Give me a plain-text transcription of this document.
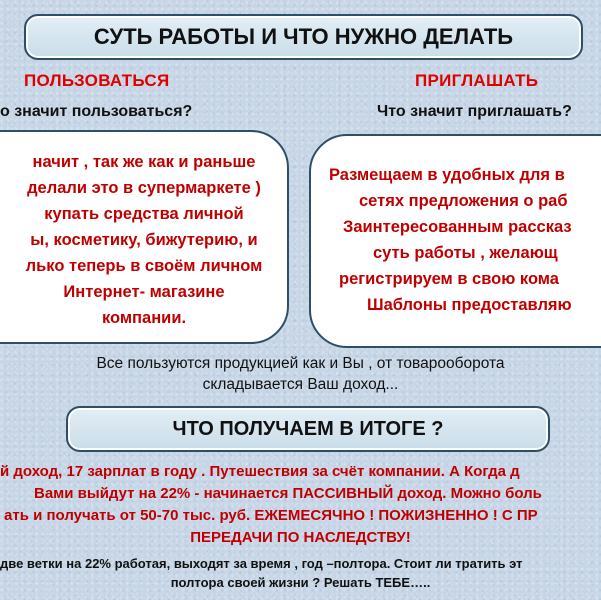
СУТЬ РАБОТЫ И ЧТО НУЖНО ДЕЛАТЬ
ПОЛЬЗОВАТЬСЯ	ПРИГЛАШАТЬ
о значит пользоваться?	Что значит приглашать?
начит , так же как и раньше
делали это в супермаркете )
купать средства личной
ы, косметику, бижутерию, и
лько теперь в своём личном
Интернет- магазине
компании.
Размещаем в удобных для в
сетях предложения о раб
Заинтересованным рассказ
суть работы , желающ
регистрируем в свою кома
Шаблоны предоставляю
Все пользуются продукцией как и Вы , от товарооборота
складывается Ваш доход...
ЧТО ПОЛУЧАЕМ В ИТОГЕ ?
й доход, 17 зарплат в году . Путешествия за счёт компании. А Когда д
Вами выйдут на 22% - начинается ПАССИВНЫЙ доход. Можно боль
ать и получать от 50-70 тыс. руб. ЕЖЕМЕСЯЧНО ! ПОЖИЗНЕННО ! С ПР
ПЕРЕДАЧИ ПО НАСЛЕДСТВУ!
две ветки на 22% работая, выходят за время , год –полтора. Стоит ли тратить эт
полтора своей жизни ? Решать ТЕБЕ…..
